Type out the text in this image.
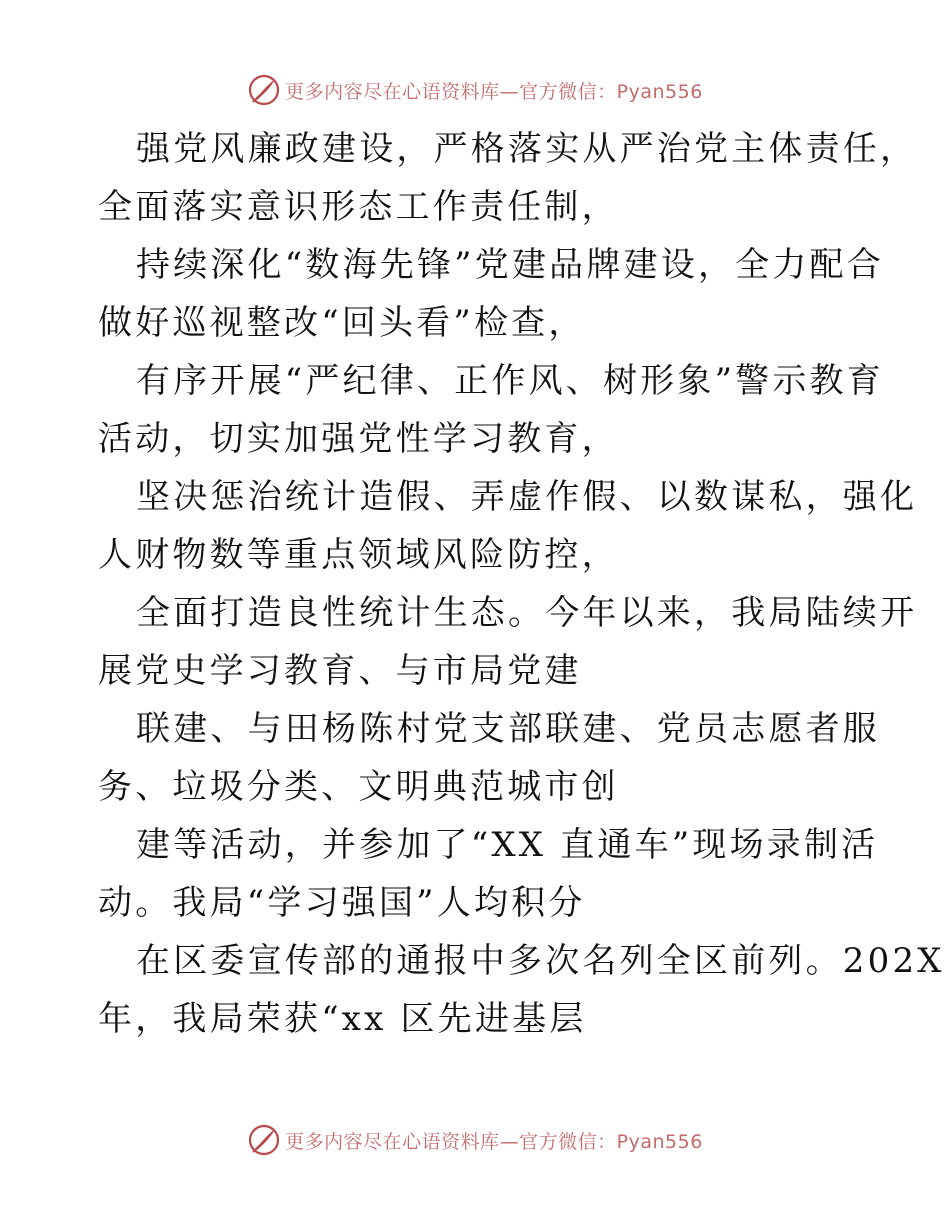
更多内容尽在心语资料库—官方微信：Pyan556
强党风廉政建设，严格落实从严治党主体责任，
全面落实意识形态工作责任制，
持续深化“数海先锋”党建品牌建设，全力配合
做好巡视整改“回头看”检查，
有序开展“严纪律、正作风、树形象”警示教育
活动，切实加强党性学习教育，
坚决惩治统计造假、弄虚作假、以数谋私，强化
人财物数等重点领域风险防控，
全面打造良性统计生态。今年以来，我局陆续开
展党史学习教育、与市局党建
联建、与田杨陈村党支部联建、党员志愿者服
务、垃圾分类、文明典范城市创
建等活动，并参加了“XX 直通车”现场录制活
动。我局“学习强国”人均积分
在区委宣传部的通报中多次名列全区前列。202X
年，我局荣获“xx 区先进基层
更多内容尽在心语资料库—官方微信：Pyan556
